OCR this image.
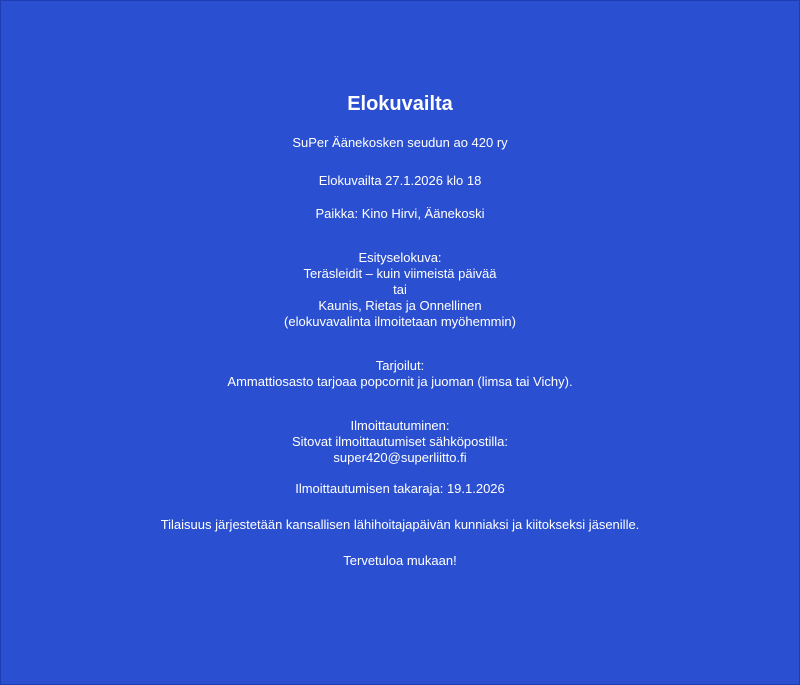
Elokuvailta

SuPer Äänekosken seudun ao 420 ry

Elokuvailta 27.1.2026 klo 18

Paikka: Kino Hirvi, Äänekoski

Esityselokuva:
Teräsleidit – kuin viimeistä päivää
tai
Kaunis, Rietas ja Onnellinen
(elokuvavalinta ilmoitetaan myöhemmin)
Tarjoilut:
Ammattiosasto tarjoaa popcornit ja juoman (limsa tai Vichy).
Ilmoittautuminen:
Sitovat ilmoittautumiset sähköpostilla:
super420@superliitto.fi

Ilmoittautumisen takaraja: 19.1.2026

Tilaisuus järjestetään kansallisen lähihoitajapäivän kunniaksi ja kiitokseksi jäsenille.

Tervetuloa mukaan!
